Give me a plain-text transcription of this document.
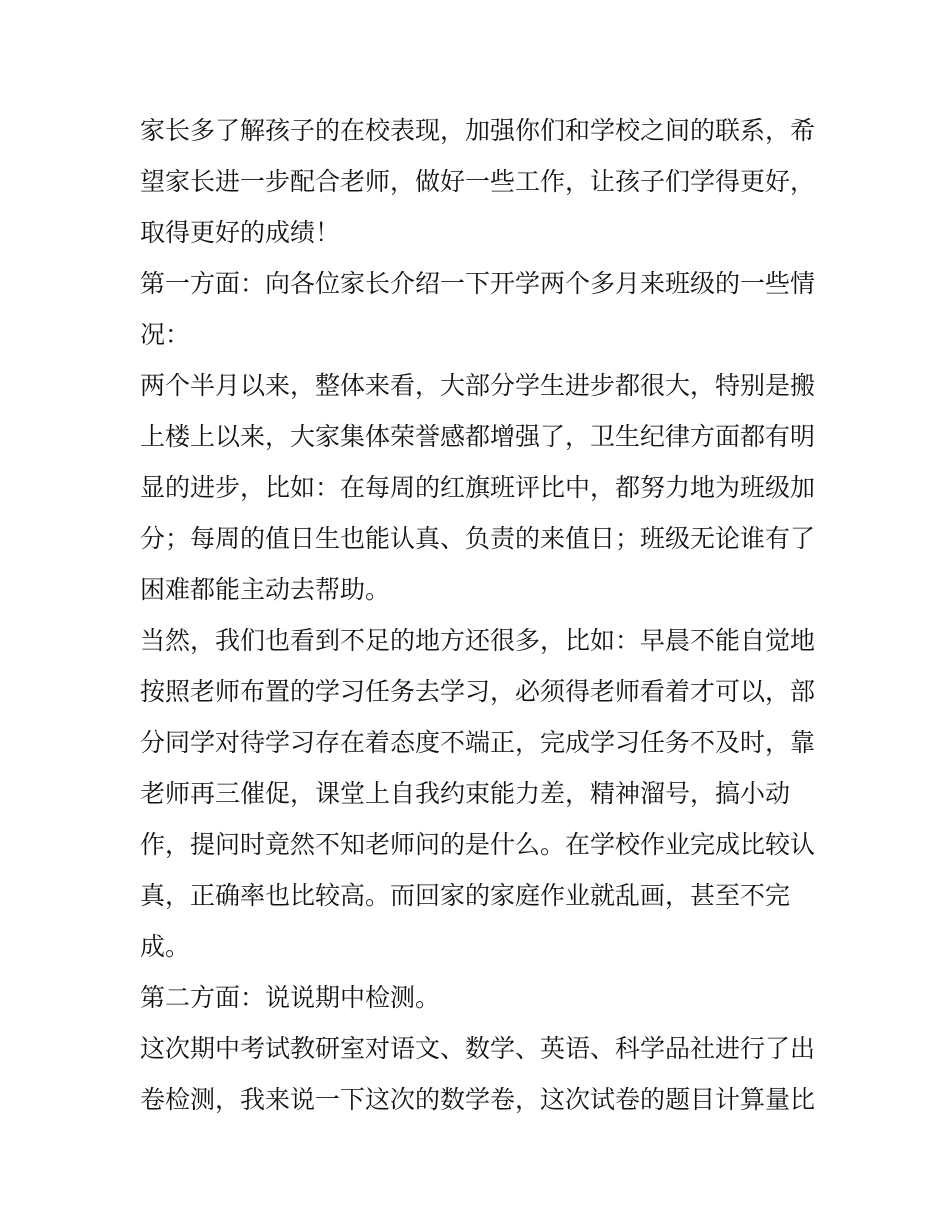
家长多了解孩子的在校表现，加强你们和学校之间的联系，希
望家长进一步配合老师，做好一些工作，让孩子们学得更好，
取得更好的成绩！
第一方面：向各位家长介绍一下开学两个多月来班级的一些情
况：
两个半月以来，整体来看，大部分学生进步都很大，特别是搬
上楼上以来，大家集体荣誉感都增强了，卫生纪律方面都有明
显的进步，比如：在每周的红旗班评比中，都努力地为班级加
分；每周的值日生也能认真、负责的来值日；班级无论谁有了
困难都能主动去帮助。
当然，我们也看到不足的地方还很多，比如：早晨不能自觉地
按照老师布置的学习任务去学习，必须得老师看着才可以，部
分同学对待学习存在着态度不端正，完成学习任务不及时，靠
老师再三催促，课堂上自我约束能力差，精神溜号，搞小动
作，提问时竟然不知老师问的是什么。在学校作业完成比较认
真，正确率也比较高。而回家的家庭作业就乱画，甚至不完
成。
第二方面：说说期中检测。
这次期中考试教研室对语文、数学、英语、科学品社进行了出
卷检测，我来说一下这次的数学卷，这次试卷的题目计算量比
